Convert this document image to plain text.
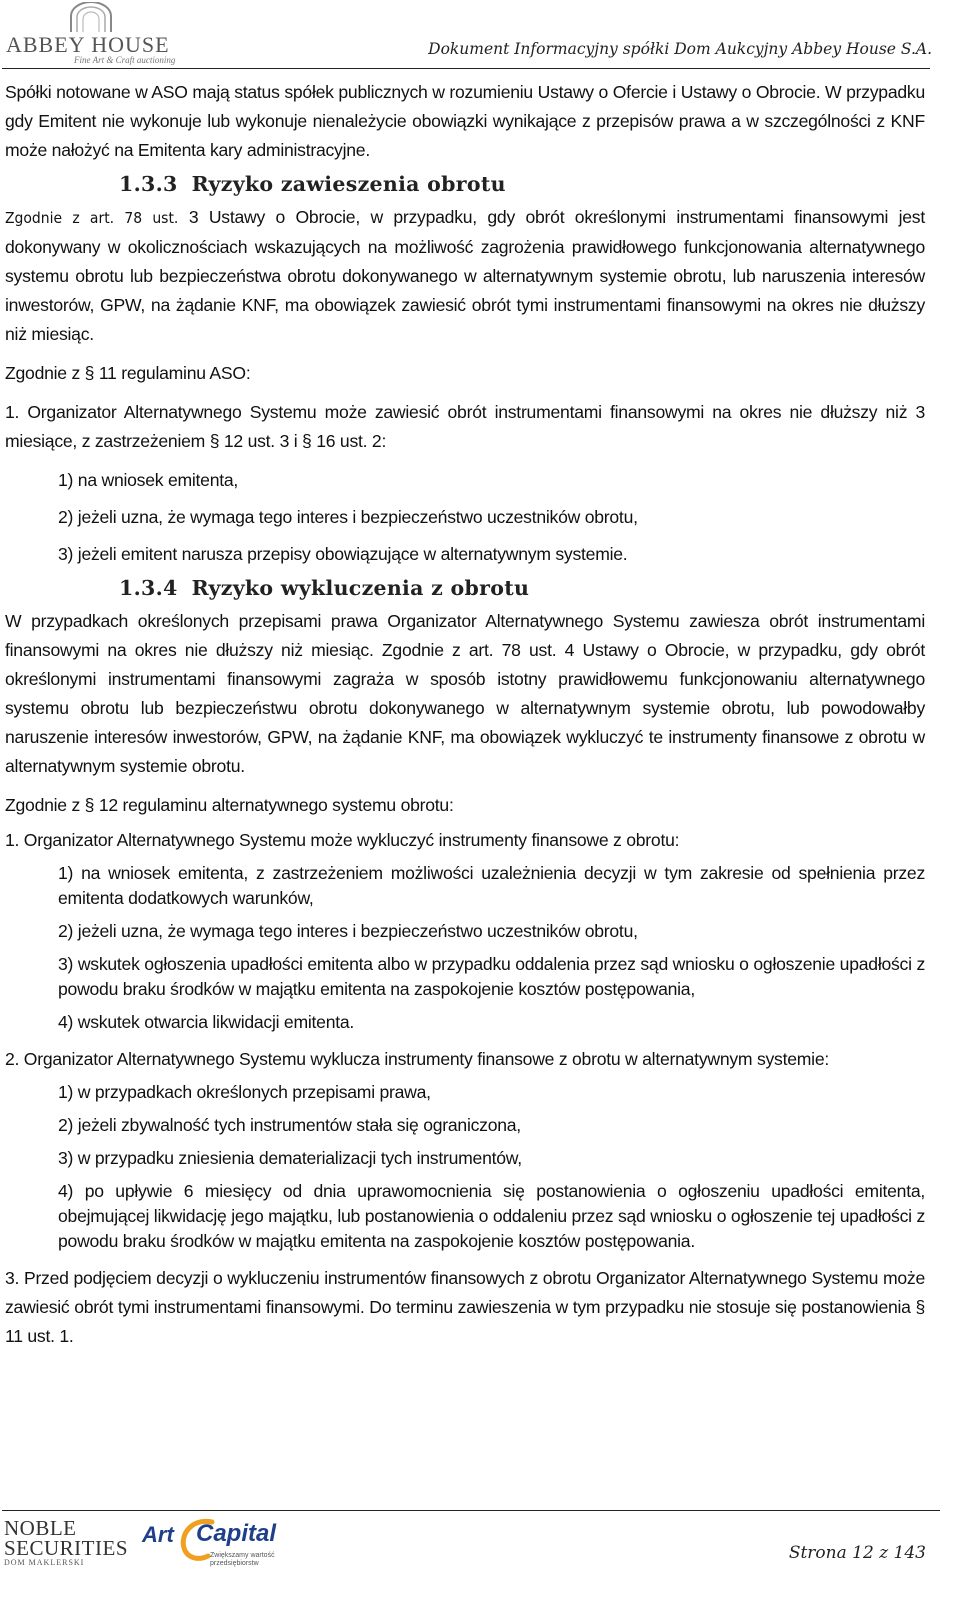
ABBEY HOUSE
Fine Art & Craft auctioning
Dokument Informacyjny spółki Dom Aukcyjny Abbey House S.A.

Spółki notowane w ASO mają status spółek publicznych w rozumieniu Ustawy o Ofercie i Ustawy o Obrocie. W przypadku gdy Emitent nie wykonuje lub wykonuje nienależycie obowiązki wynikające z przepisów prawa a w szczególności z KNF może nałożyć na Emitenta kary administracyjne.

1.3.3 Ryzyko zawieszenia obrotu

Zgodnie z art. 78 ust. 3 Ustawy o Obrocie, w przypadku, gdy obrót określonymi instrumentami finansowymi jest dokonywany w okolicznościach wskazujących na możliwość zagrożenia prawidłowego funkcjonowania alternatywnego systemu obrotu lub bezpieczeństwa obrotu dokonywanego w alternatywnym systemie obrotu, lub naruszenia interesów inwestorów, GPW, na żądanie KNF, ma obowiązek zawiesić obrót tymi instrumentami finansowymi na okres nie dłuższy niż miesiąc.

Zgodnie z § 11 regulaminu ASO:

1. Organizator Alternatywnego Systemu może zawiesić obrót instrumentami finansowymi na okres nie dłuższy niż 3 miesiące, z zastrzeżeniem § 12 ust. 3 i § 16 ust. 2:

1) na wniosek emitenta,

2) jeżeli uzna, że wymaga tego interes i bezpieczeństwo uczestników obrotu,

3) jeżeli emitent narusza przepisy obowiązujące w alternatywnym systemie.

1.3.4 Ryzyko wykluczenia z obrotu

W przypadkach określonych przepisami prawa Organizator Alternatywnego Systemu zawiesza obrót instrumentami finansowymi na okres nie dłuższy niż miesiąc. Zgodnie z art. 78 ust. 4 Ustawy o Obrocie, w przypadku, gdy obrót określonymi instrumentami finansowymi zagraża w sposób istotny prawidłowemu funkcjonowaniu alternatywnego systemu obrotu lub bezpieczeństwu obrotu dokonywanego w alternatywnym systemie obrotu, lub powodowałby naruszenie interesów inwestorów, GPW, na żądanie KNF, ma obowiązek wykluczyć te instrumenty finansowe z obrotu w alternatywnym systemie obrotu.

Zgodnie z § 12 regulaminu alternatywnego systemu obrotu:

1. Organizator Alternatywnego Systemu może wykluczyć instrumenty finansowe z obrotu:

1) na wniosek emitenta, z zastrzeżeniem możliwości uzależnienia decyzji w tym zakresie od spełnienia przez emitenta dodatkowych warunków,

2) jeżeli uzna, że wymaga tego interes i bezpieczeństwo uczestników obrotu,

3) wskutek ogłoszenia upadłości emitenta albo w przypadku oddalenia przez sąd wniosku o ogłoszenie upadłości z powodu braku środków w majątku emitenta na zaspokojenie kosztów postępowania,

4) wskutek otwarcia likwidacji emitenta.

2. Organizator Alternatywnego Systemu wyklucza instrumenty finansowe z obrotu w alternatywnym systemie:

1) w przypadkach określonych przepisami prawa,

2) jeżeli zbywalność tych instrumentów stała się ograniczona,

3) w przypadku zniesienia dematerializacji tych instrumentów,

4) po upływie 6 miesięcy od dnia uprawomocnienia się postanowienia o ogłoszeniu upadłości emitenta, obejmującej likwidację jego majątku, lub postanowienia o oddaleniu przez sąd wniosku o ogłoszenie tej upadłości z powodu braku środków w majątku emitenta na zaspokojenie kosztów postępowania.

3. Przed podjęciem decyzji o wykluczeniu instrumentów finansowych z obrotu Organizator Alternatywnego Systemu może zawiesić obrót tymi instrumentami finansowymi. Do terminu zawieszenia w tym przypadku nie stosuje się postanowienia § 11 ust. 1.

NOBLE
SECURITIES
DOM MAKLERSKI
Art Capital
Zwiększamy wartość
przedsiębiorstw
Strona 12 z 143
